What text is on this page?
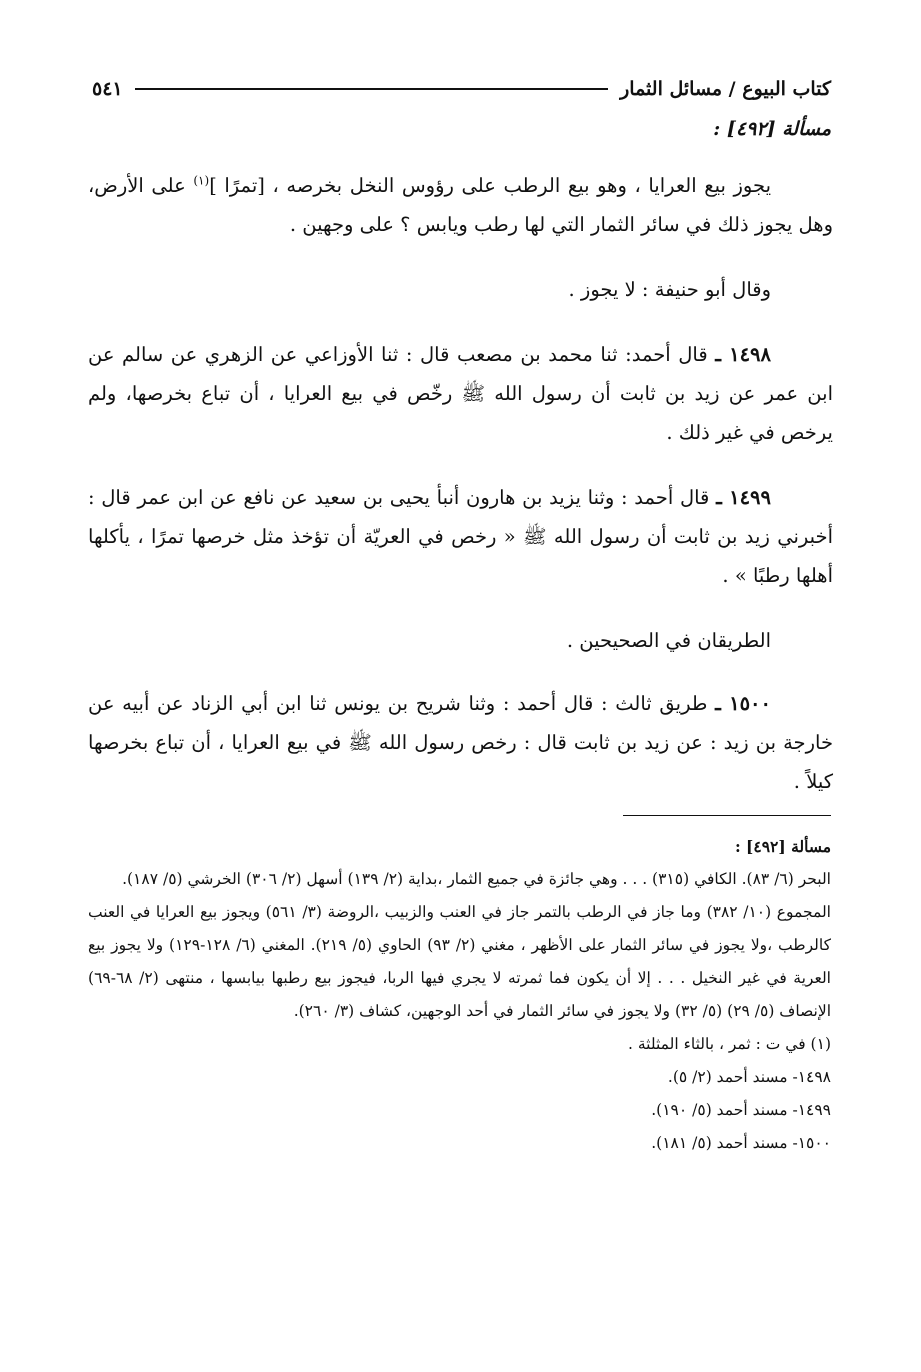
كتاب البيوع / مسائل الثمار
٥٤١
مسألة [٤٩٢] :

يجوز بيع العرايا ، وهو بيع الرطب على رؤوس النخل بخرصه ، [تمرًا ]$^{(١)}$ على الأرض، وهل يجوز ذلك في سائر الثمار التي لها رطب ويابس ؟ على وجهين .

وقال أبو حنيفة : لا يجوز .

١٤٩٨ ـ قال أحمد: ثنا محمد بن مصعب قال : ثنا الأوزاعي عن الزهري عن سالم عن ابن عمر عن زيد بن ثابت أن رسول الله ﷺ رخّص في بيع العرايا ، أن تباع بخرصها، ولم يرخص في غير ذلك .

١٤٩٩ ـ قال أحمد : وثنا يزيد بن هارون أنبأ يحيى بن سعيد عن نافع عن ابن عمر قال : أخبرني زيد بن ثابت أن رسول الله ﷺ « رخص في العريّة أن تؤخذ مثل خرصها تمرًا ، يأكلها أهلها رطبًا » .

الطريقان في الصحيحين .

١٥٠٠ ـ طريق ثالث : قال أحمد : وثنا شريح بن يونس ثنا ابن أبي الزناد عن أبيه عن خارجة بن زيد : عن زيد بن ثابت قال : رخص رسول الله ﷺ في بيع العرايا ، أن تباع بخرصها كيلاً .

مسألة [٤٩٢] :

البحر (٦/ ٨٣). الكافي (٣١٥) . . . وهي جائزة في جميع الثمار ،بداية (٢/ ١٣٩) أسهل (٢/ ٣٠٦) الخرشي (٥/ ١٨٧).

المجموع (١٠/ ٣٨٢) وما جاز في الرطب بالتمر جاز في العنب والزبيب ،الروضة (٣/ ٥٦١) ويجوز بيع العرايا في العنب كالرطب ،ولا يجوز في سائر الثمار على الأظهر ، مغني (٢/ ٩٣) الحاوي (٥/ ٢١٩). المغني (٦/ ١٢٨-١٢٩) ولا يجوز بيع العرية في غير النخيل . . . إلا أن يكون فما ثمرته لا يجري فيها الربا، فيجوز بيع رطبها بيابسها ، منتهى (٢/ ٦٨-٦٩) الإنصاف (٥/ ٢٩) (٥/ ٣٢) ولا يجوز في سائر الثمار في أحد الوجهين، كشاف (٣/ ٢٦٠).

(١) في ت : ثمر ، بالثاء المثلثة .

١٤٩٨- مسند أحمد (٢/ ٥).

١٤٩٩- مسند أحمد (٥/ ١٩٠).

١٥٠٠- مسند أحمد (٥/ ١٨١).
